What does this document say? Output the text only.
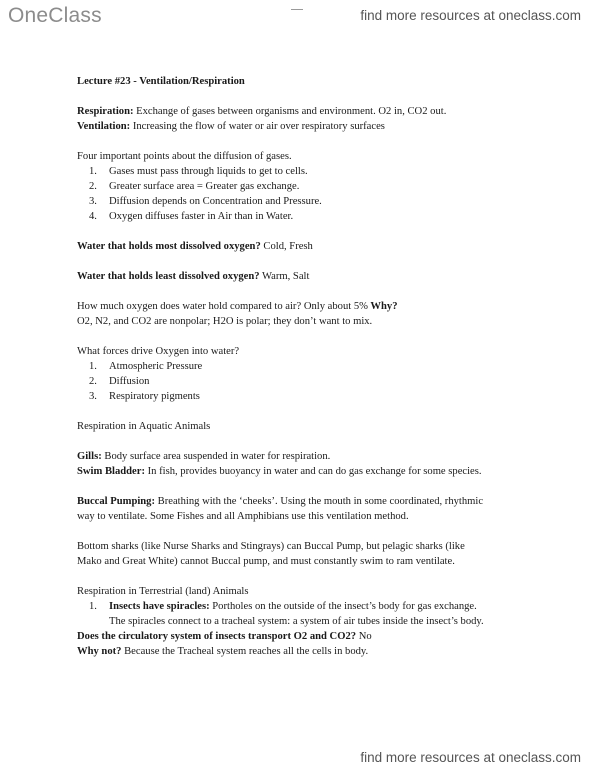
OneClass	find more resources at oneclass.com

Lecture #23 - Ventilation/Respiration

Respiration: Exchange of gases between organisms and environment. O2 in, CO2 out.

Ventilation: Increasing the flow of water or air over respiratory surfaces

Four important points about the diffusion of gases.

1. Gases must pass through liquids to get to cells.
2. Greater surface area = Greater gas exchange.
3. Diffusion depends on Concentration and Pressure.
4. Oxygen diffuses faster in Air than in Water.

Water that holds most dissolved oxygen? Cold, Fresh

Water that holds least dissolved oxygen? Warm, Salt

How much oxygen does water hold compared to air? Only about 5% Why?

O2, N2, and CO2 are nonpolar; H2O is polar; they don’t want to mix.

What forces drive Oxygen into water?

1. Atmospheric Pressure
2. Diffusion
3. Respiratory pigments

Respiration in Aquatic Animals

Gills: Body surface area suspended in water for respiration.

Swim Bladder: In fish, provides buoyancy in water and can do gas exchange for some species.

Buccal Pumping: Breathing with the ‘cheeks’. Using the mouth in some coordinated, rhythmic

way to ventilate. Some Fishes and all Amphibians use this ventilation method.

Bottom sharks (like Nurse Sharks and Stingrays) can Buccal Pump, but pelagic sharks (like

Mako and Great White) cannot Buccal pump, and must constantly swim to ram ventilate.

Respiration in Terrestrial (land) Animals

1. Insects have spiracles: Portholes on the outside of the insect’s body for gas exchange.
The spiracles connect to a tracheal system: a system of air tubes inside the insect’s body.

Does the circulatory system of insects transport O2 and CO2? No

Why not? Because the Tracheal system reaches all the cells in body.

find more resources at oneclass.com
